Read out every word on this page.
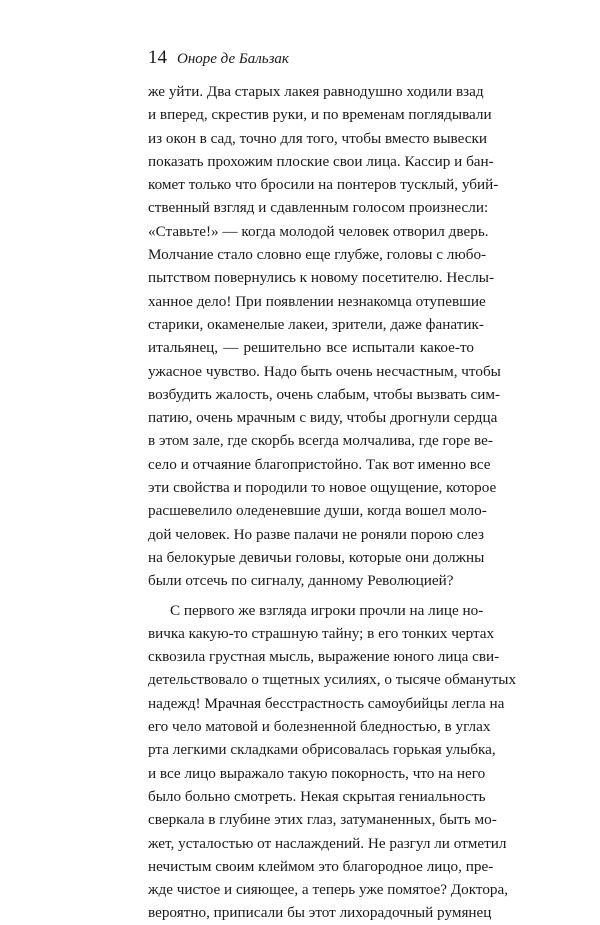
14 Оноре де Бальзак
же уйти. Два старых лакея равнодушно ходили взад
и вперед, скрестив руки, и по временам поглядывали
из окон в сад, точно для того, чтобы вместо вывески
показать прохожим плоские свои лица. Кассир и бан-
комет только что бросили на понтеров тусклый, убий-
ственный взгляд и сдавленным голосом произнесли:
«Ставьте!» — когда молодой человек отворил дверь.
Молчание стало словно еще глубже, головы с любо-
пытством повернулись к новому посетителю. Неслы-
ханное дело! При появлении незнакомца отупевшие
старики, окаменелые лакеи, зрители, даже фанатик-
итальянец, — решительно все испытали какое-то
ужасное чувство. Надо быть очень несчастным, чтобы
возбудить жалость, очень слабым, чтобы вызвать сим-
патию, очень мрачным с виду, чтобы дрогнули сердца
в этом зале, где скорбь всегда молчалива, где горе ве-
село и отчаяние благопристойно. Так вот именно все
эти свойства и породили то новое ощущение, которое
расшевелило оледеневшие души, когда вошел моло-
дой человек. Но разве палачи не роняли порою слез
на белокурые девичьи головы, которые они должны
были отсечь по сигналу, данному Революцией?
С первого же взгляда игроки прочли на лице но-
вичка какую-то страшную тайну; в его тонких чертах
сквозила грустная мысль, выражение юного лица сви-
детельствовало о тщетных усилиях, о тысяче обманутых
надежд! Мрачная бесстрастность самоубийцы легла на
его чело матовой и болезненной бледностью, в углах
рта легкими складками обрисовалась горькая улыбка,
и все лицо выражало такую покорность, что на него
было больно смотреть. Некая скрытая гениальность
сверкала в глубине этих глаз, затуманенных, быть мо-
жет, усталостью от наслаждений. Не разгул ли отметил
нечистым своим клеймом это благородное лицо, пре-
жде чистое и сияющее, а теперь уже помятое? Доктора,
вероятно, приписали бы этот лихорадочный румянец
